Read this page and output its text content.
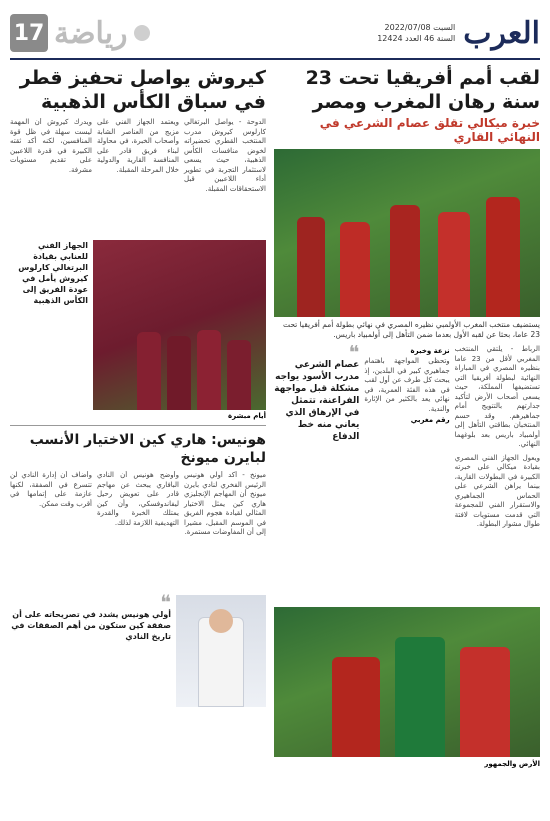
العرب
السبت 2022/07/08
السنة 46 العدد 12424
رياضة
17
لقب أمم أفريقيا تحت 23 سنة رهان المغرب ومصر
خبرة ميكالي تقلق عصام الشرعي في النهائي القاري
يستضيف منتخب المغرب الأولمبي نظيره المصري في نهائي بطولة أمم أفريقيا تحت 23 عاما، بحثا عن لقبه الأول بعدما ضمن التأهل إلى أولمبياد باريس.
الرباط - يلتقي المنتخب المغربي لأقل من 23 عاما بنظيره المصري في المباراة النهائية لبطولة أفريقيا التي تستضيفها المملكة، حيث يسعى أصحاب الأرض لتأكيد جدارتهم بالتتويج أمام جماهيرهم. وقد حسم المنتخبان بطاقتي التأهل إلى أولمبياد باريس بعد بلوغهما النهائي.
ويعول الجهاز الفني المصري بقيادة ميكالي على خبرته الكبيرة في البطولات القارية، بينما يراهن الشرعي على الحماس الجماهيري والاستقرار الفني للمجموعة التي قدمت مستويات لافتة طوال مشوار البطولة.
نزعة وخبرة
وتحظى المواجهة باهتمام جماهيري كبير في البلدين، إذ يبحث كل طرف عن أول لقب في هذه الفئة العمرية، في نهائي يعد بالكثير من الإثارة والندية.
رقم مغربي
❝
عصام الشرعي مدرب الأسود يواجه مشكلة قبل مواجهة الفراعنة، تتمثل في الإرهاق الذي يعاني منه خط الدفاع
الأرض والجمهور
كيروش يواصل تحفيز قطر في سباق الكأس الذهبية
الدوحة - يواصل البرتغالي كارلوس كيروش مدرب المنتخب القطري تحضيراته لخوض منافسات الكأس الذهبية، حيث يسعى لاستثمار التجربة في تطوير أداء اللاعبين قبل الاستحقاقات المقبلة.
ويعتمد الجهاز الفني على مزيج من العناصر الشابة وأصحاب الخبرة، في محاولة لبناء فريق قادر على المنافسة القارية والدولية خلال المرحلة المقبلة.
ويدرك كيروش أن المهمة ليست سهلة في ظل قوة المنافسين، لكنه أكد ثقته الكبيرة في قدرة اللاعبين على تقديم مستويات مشرفة.
الجهاز الفني للعنابي بقيادة البرتغالي كارلوس كيروش يأمل في عودة الفريق إلى الكأس الذهبية
أيام مبشرة
هونيس: هاري كين الاختيار الأنسب لبايرن ميونخ
ميونخ - أكد أولي هونيس الرئيس الفخري لنادي بايرن ميونخ أن المهاجم الإنجليزي هاري كين يمثل الاختيار المثالي لقيادة هجوم الفريق في الموسم المقبل، مشيرا إلى أن المفاوضات مستمرة.
وأوضح هونيس أن النادي البافاري يبحث عن مهاجم قادر على تعويض رحيل ليفاندوفسكي، وأن كين يمتلك الخبرة والقدرة التهديفية اللازمة لذلك.
وأضاف أن إدارة النادي لن تتسرع في الصفقة، لكنها عازمة على إتمامها في أقرب وقت ممكن.
❝
أولي هونيس يشدد في تصريحاته على أن صفقة كين ستكون من أهم الصفقات في تاريخ النادي
